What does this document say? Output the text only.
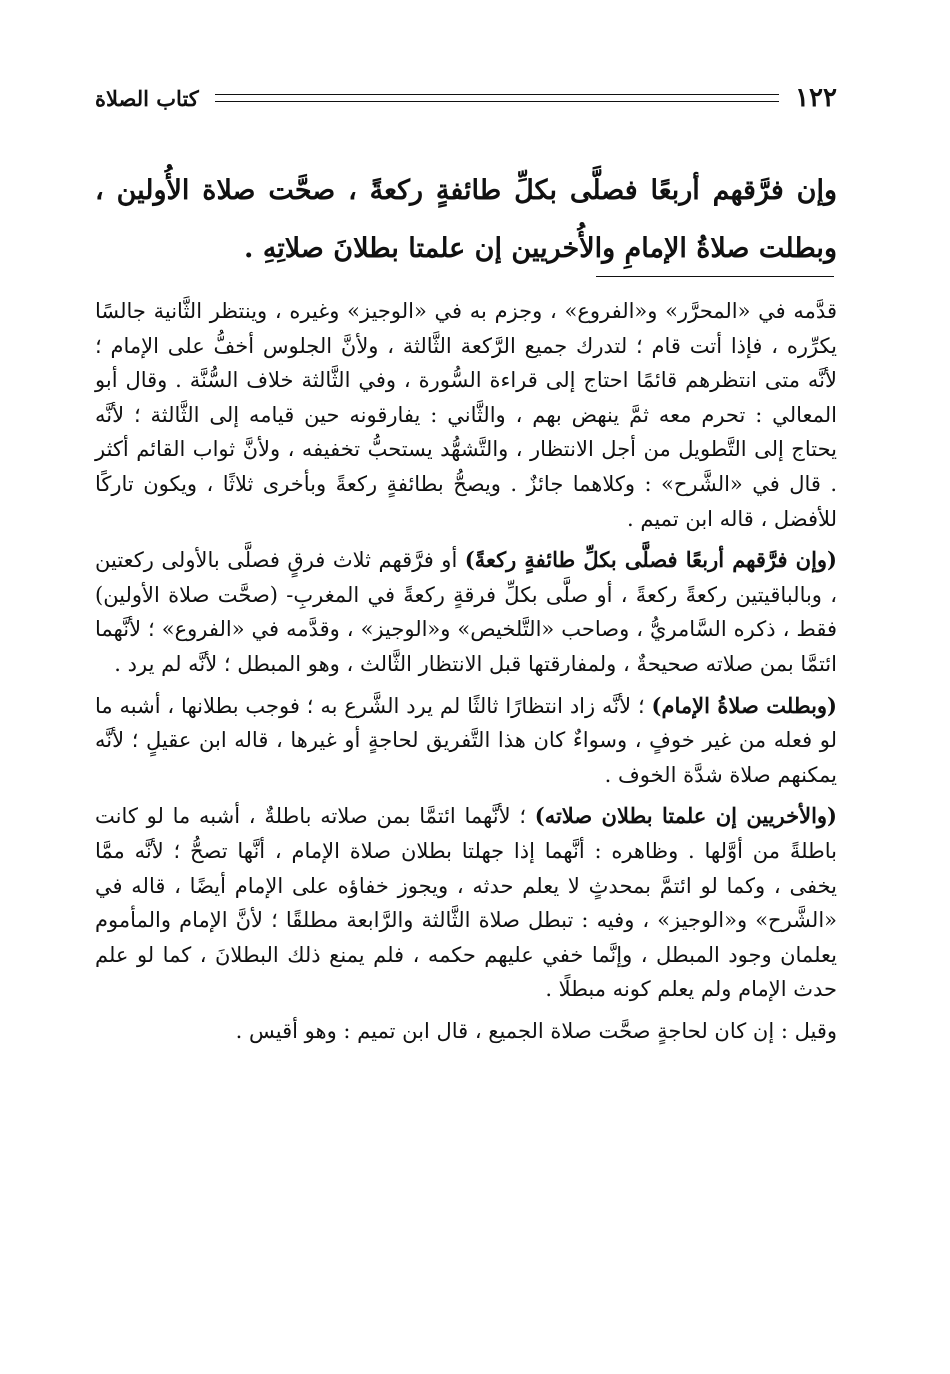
١٢٢
كتاب الصلاة

وإن فرَّقهم أربعًا فصلَّى بكلِّ طائفةٍ ركعةً ، صحَّت صلاة الأُولين ، وبطلت صلاةُ الإمامِ والأُخريين إن علمتا بطلانَ صلاتِهِ .

قدَّمه في «المحرَّر» و«الفروع» ، وجزم به في «الوجيز» وغيره ، وينتظر الثَّانية جالسًا يكرِّره ، فإذا أتت قام ؛ لتدرك جميع الرَّكعة الثَّالثة ، ولأنَّ الجلوس أخفُّ على الإمام ؛ لأنَّه متى انتظرهم قائمًا احتاج إلى قراءة السُّورة ، وفي الثَّالثة خلاف السُّنَّة . وقال أبو المعالي : تحرم معه ثمَّ ينهض بهم ، والثَّاني : يفارقونه حين قيامه إلى الثَّالثة ؛ لأنَّه يحتاج إلى التَّطويل من أجل الانتظار ، والتَّشهُّد يستحبُّ تخفيفه ، ولأنَّ ثواب القائم أكثر . قال في «الشَّرح» : وكلاهما جائزٌ . ويصحُّ بطائفةٍ ركعةً وبأخرى ثلاثًا ، ويكون تاركًا للأفضل ، قاله ابن تميم .

(وإن فرَّقهم أربعًا فصلَّى بكلِّ طائفةٍ ركعةً) أو فرَّقهم ثلاث فرقٍ فصلَّى بالأولى ركعتين ، وبالباقيتين ركعةً ركعةً ، أو صلَّى بكلِّ فرقةٍ ركعةً في المغربِ- (صحَّت صلاة الأولين) فقط ، ذكره السَّامريُّ ، وصاحب «التَّلخيص» و«الوجيز» ، وقدَّمه في «الفروع» ؛ لأنَّهما ائتمَّا بمن صلاته صحيحةٌ ، ولمفارقتها قبل الانتظار الثَّالث ، وهو المبطل ؛ لأنَّه لم يرد .

(وبطلت صلاةُ الإمام) ؛ لأنَّه زاد انتظارًا ثالثًا لم يرد الشَّرع به ؛ فوجب بطلانها ، أشبه ما لو فعله من غير خوفٍ ، وسواءٌ كان هذا التَّفريق لحاجةٍ أو غيرها ، قاله ابن عقيلٍ ؛ لأنَّه يمكنهم صلاة شدَّة الخوف .

(والأخريين إن علمتا بطلان صلاته) ؛ لأنَّهما ائتمَّا بمن صلاته باطلةٌ ، أشبه ما لو كانت باطلةً من أوَّلها . وظاهره : أنَّهما إذا جهلتا بطلان صلاة الإمام ، أنَّها تصحُّ ؛ لأنَّه ممَّا يخفى ، وكما لو ائتمَّ بمحدثٍ لا يعلم حدثه ، ويجوز خفاؤه على الإمام أيضًا ، قاله في «الشَّرح» و«الوجيز» ، وفيه : تبطل صلاة الثَّالثة والرَّابعة مطلقًا ؛ لأنَّ الإمام والمأموم يعلمان وجود المبطل ، وإنَّما خفي عليهم حكمه ، فلم يمنع ذلك البطلانَ ، كما لو علم حدث الإمام ولم يعلم كونه مبطلًا .

وقيل : إن كان لحاجةٍ صحَّت صلاة الجميع ، قال ابن تميم : وهو أقيس .
